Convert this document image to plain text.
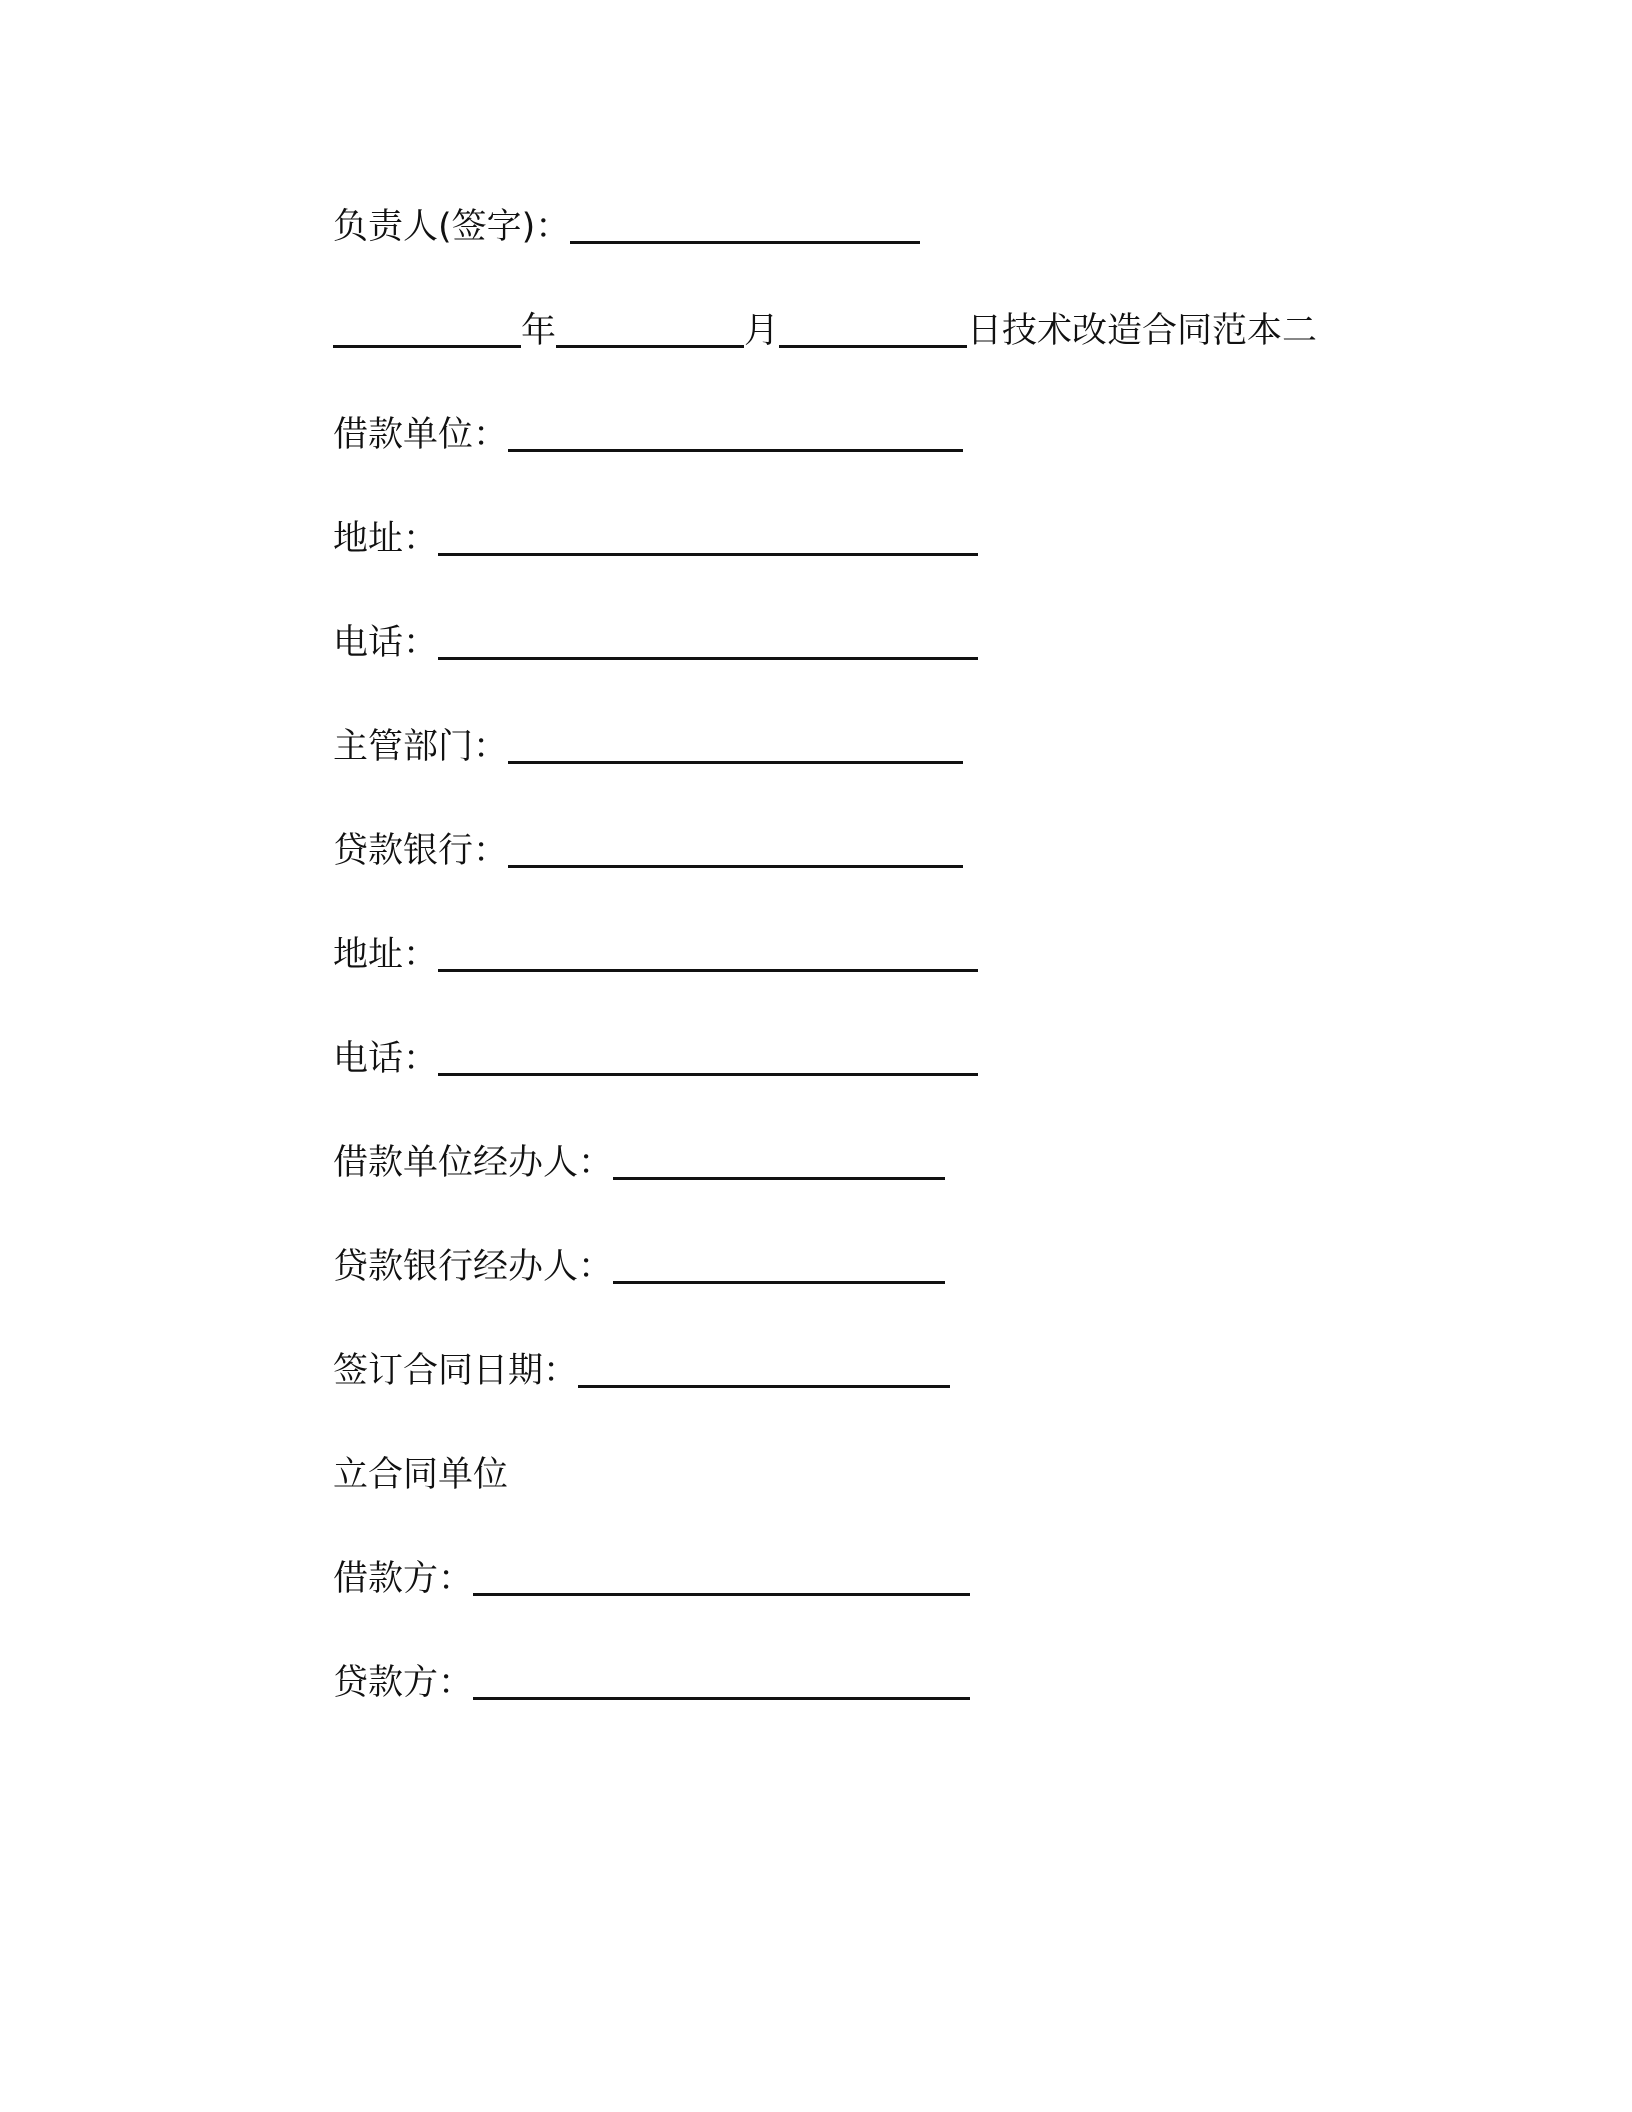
负责人(签字)：
年	月	日技术改造合同范本二
借款单位：
地址：
电话：
主管部门：
贷款银行：
地址：
电话：
借款单位经办人：
贷款银行经办人：
签订合同日期：
立合同单位
借款方：
贷款方：
